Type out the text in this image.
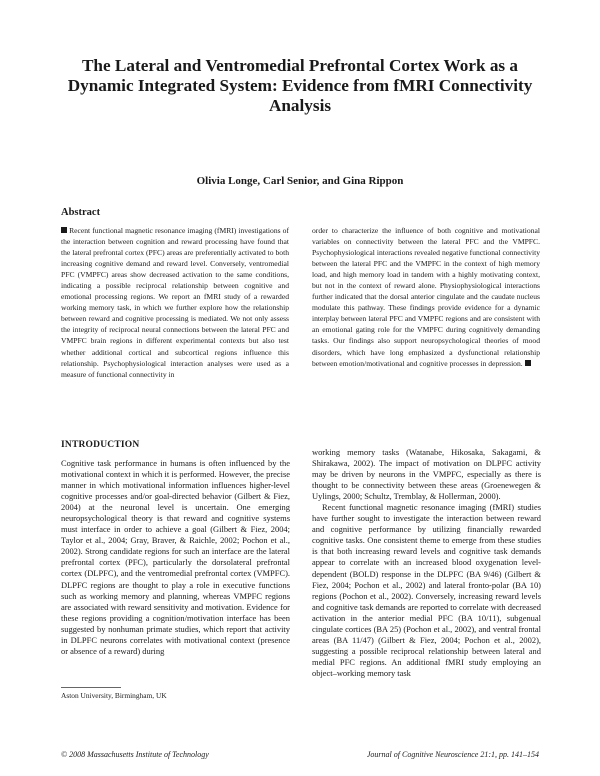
The Lateral and Ventromedial Prefrontal Cortex Work as a Dynamic Integrated System: Evidence from fMRI Connectivity Analysis

Olivia Longe, Carl Senior, and Gina Rippon

Abstract

Recent functional magnetic resonance imaging (fMRI) investigations of the interaction between cognition and reward processing have found that the lateral prefrontal cortex (PFC) areas are preferentially activated to both increasing cognitive demand and reward level. Conversely, ventromedial PFC (VMPFC) areas show decreased activation to the same conditions, indicating a possible reciprocal relationship between cognitive and emotional processing regions. We report an fMRI study of a rewarded working memory task, in which we further explore how the relationship between reward and cognitive processing is mediated. We not only assess the integrity of reciprocal neural connections between the lateral PFC and VMPFC brain regions in different experimental contexts but also test whether additional cortical and subcortical regions influence this relationship. Psychophysiological interaction analyses were used as a measure of functional connectivity in

order to characterize the influence of both cognitive and motivational variables on connectivity between the lateral PFC and the VMPFC. Psychophysiological interactions revealed negative functional connectivity between the lateral PFC and the VMPFC in the context of high memory load, and high memory load in tandem with a highly motivating context, but not in the context of reward alone. Physiophysiological interactions further indicated that the dorsal anterior cingulate and the caudate nucleus modulate this pathway. These findings provide evidence for a dynamic interplay between lateral PFC and VMPFC regions and are consistent with an emotional gating role for the VMPFC during cognitively demanding tasks. Our findings also support neuropsychological theories of mood disorders, which have long emphasized a dysfunctional relationship between emotion/motivational and cognitive processes in depression.

INTRODUCTION

Cognitive task performance in humans is often influenced by the motivational context in which it is performed. However, the precise manner in which motivational information influences higher-level cognitive processes and/or goal-directed behavior (Gilbert & Fiez, 2004) at the neuronal level is uncertain. One emerging neuropsychological theory is that reward and cognitive systems must interface in order to achieve a goal (Gilbert & Fiez, 2004; Taylor et al., 2004; Gray, Braver, & Raichle, 2002; Pochon et al., 2002). Strong candidate regions for such an interface are the lateral prefrontal cortex (PFC), particularly the dorsolateral prefrontal cortex (DLPFC), and the ventromedial prefrontal cortex (VMPFC). DLPFC regions are thought to play a role in executive functions such as working memory and planning, whereas VMPFC regions are associated with reward sensitivity and motivation. Evidence for these regions providing a cognition/motivation interface has been suggested by nonhuman primate studies, which report that activity in DLPFC neurons correlates with motivational context (presence or absence of a reward) during

working memory tasks (Watanabe, Hikosaka, Sakagami, & Shirakawa, 2002). The impact of motivation on DLPFC activity may be driven by neurons in the VMPFC, especially as there is thought to be connectivity between these areas (Groenewegen & Uylings, 2000; Schultz, Tremblay, & Hollerman, 2000).
Recent functional magnetic resonance imaging (fMRI) studies have further sought to investigate the interaction between reward and cognitive performance by utilizing financially rewarded cognitive tasks. One consistent theme to emerge from these studies is that both increasing reward levels and cognitive task demands appear to correlate with an increased blood oxygenation level-dependent (BOLD) response in the DLPFC (BA 9/46) (Gilbert & Fiez, 2004; Pochon et al., 2002) and lateral fronto-polar (BA 10) regions (Pochon et al., 2002). Conversely, increasing reward levels and cognitive task demands are reported to correlate with decreased activation in the anterior medial PFC (BA 10/11), subgenual cingulate cortices (BA 25) (Pochon et al., 2002), and ventral frontal areas (BA 11/47) (Gilbert & Fiez, 2004; Pochon et al., 2002), suggesting a possible reciprocal relationship between lateral and medial PFC regions. An additional fMRI study employing an object–working memory task

Aston University, Birmingham, UK

© 2008 Massachusetts Institute of Technology	Journal of Cognitive Neuroscience 21:1, pp. 141–154
